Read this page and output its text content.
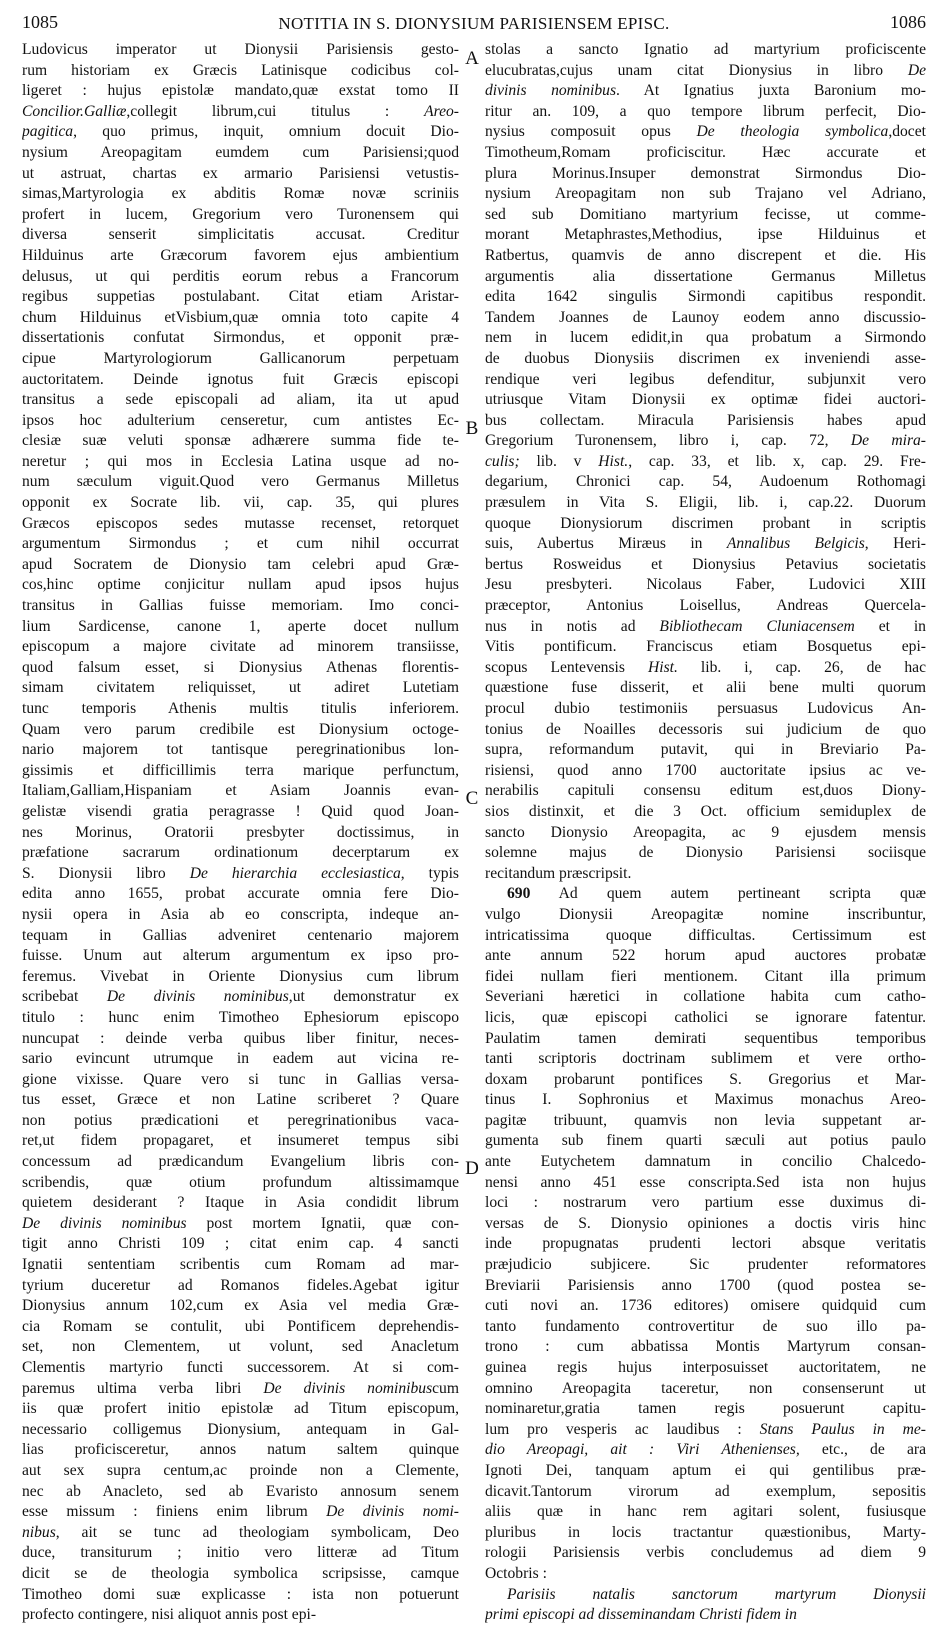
1085	NOTITIA IN S. DIONYSIUM PARISIENSEM EPISC.	1086
Ludovicus imperator ut Dionysii Parisiensis gesto-
rum historiam ex Græcis Latinisque codicibus col-
ligeret : hujus epistolæ mandato,quæ exstat tomo II
Concilior.Galliæ,collegit librum,cui titulus : Areo-
pagitica, quo primus, inquit, omnium docuit Dio-
nysium Areopagitam eumdem cum Parisiensi;quod
ut astruat, chartas ex armario Parisiensi vetustis-
simas,Martyrologia ex abditis Romæ novæ scriniis
profert in lucem, Gregorium vero Turonensem qui
diversa senserit simplicitatis accusat. Creditur
Hilduinus arte Græcorum favorem ejus ambientium
delusus, ut qui perditis eorum rebus a Francorum
regibus suppetias postulabant. Citat etiam Aristar-
chum Hilduinus etVisbium,quæ omnia toto capite 4
dissertationis confutat Sirmondus, et opponit præ-
cipue Martyrologiorum Gallicanorum perpetuam
auctoritatem. Deinde ignotus fuit Græcis episcopi
transitus a sede episcopali ad aliam, ita ut apud
ipsos hoc adulterium censeretur, cum antistes Ec-
clesiæ suæ veluti sponsæ adhærere summa fide te-
neretur ; qui mos in Ecclesia Latina usque ad no-
num sæculum viguit.Quod vero Germanus Milletus
opponit ex Socrate lib. vii, cap. 35, qui plures
Græcos episcopos sedes mutasse recenset, retorquet
argumentum Sirmondus ; et cum nihil occurrat
apud Socratem de Dionysio tam celebri apud Græ-
cos,hinc optime conjicitur nullam apud ipsos hujus
transitus in Gallias fuisse memoriam. Imo conci-
lium Sardicense, canone 1, aperte docet nullum
episcopum a majore civitate ad minorem transiisse,
quod falsum esset, si Dionysius Athenas florentis-
simam civitatem reliquisset, ut adiret Lutetiam
tunc temporis Athenis multis titulis inferiorem.
Quam vero parum credibile est Dionysium octoge-
nario majorem tot tantisque peregrinationibus lon-
gissimis et difficillimis terra marique perfunctum,
Italiam,Galliam,Hispaniam et Asiam Joannis evan-
gelistæ visendi gratia peragrasse ! Quid quod Joan-
nes Morinus, Oratorii presbyter doctissimus, in
præfatione sacrarum ordinationum decerptarum ex
S. Dionysii libro De hierarchia ecclesiastica, typis
edita anno 1655, probat accurate omnia fere Dio-
nysii opera in Asia ab eo conscripta, indeque an-
tequam in Gallias adveniret centenario majorem
fuisse. Unum aut alterum argumentum ex ipso pro-
feremus. Vivebat in Oriente Dionysius cum librum
scribebat De divinis nominibus,ut demonstratur ex
titulo : hunc enim Timotheo Ephesiorum episcopo
nuncupat : deinde verba quibus liber finitur, neces-
sario evincunt utrumque in eadem aut vicina re-
gione vixisse. Quare vero si tunc in Gallias versa-
tus esset, Græce et non Latine scriberet ? Quare
non potius prædicationi et peregrinationibus vaca-
ret,ut fidem propagaret, et insumeret tempus sibi
concessum ad prædicandum Evangelium libris con-
scribendis, quæ otium profundum altissimamque
quietem desiderant ? Itaque in Asia condidit librum
De divinis nominibus post mortem Ignatii, quæ con-
tigit anno Christi 109 ; citat enim cap. 4 sancti
Ignatii sententiam scribentis cum Romam ad mar-
tyrium duceretur ad Romanos fideles.Agebat igitur
Dionysius annum 102,cum ex Asia vel media Græ-
cia Romam se contulit, ubi Pontificem deprehendis-
set, non Clementem, ut volunt, sed Anacletum
Clementis martyrio functi successorem. At si com-
paremus ultima verba libri De divinis nominibuscum
iis quæ profert initio epistolæ ad Titum episcopum,
necessario colligemus Dionysium, antequam in Gal-
lias proficisceretur, annos natum saltem quinque
aut sex supra centum,ac proinde non a Clemente,
nec ab Anacleto, sed ab Evaristo annosum senem
esse missum : finiens enim librum De divinis nomi-
nibus, ait se tunc ad theologiam symbolicam, Deo
duce, transiturum ; initio vero litteræ ad Titum
dicit se de theologia symbolica scripsisse, camque
Timotheo domi suæ explicasse : ista non potuerunt
profecto contingere, nisi aliquot annis post epi-
stolas a sancto Ignatio ad martyrium proficiscente
elucubratas,cujus unam citat Dionysius in libro De
divinis nominibus. At Ignatius juxta Baronium mo-
ritur an. 109, a quo tempore librum perfecit, Dio-
nysius composuit opus De theologia symbolica,docet
Timotheum,Romam proficiscitur. Hæc accurate et
plura Morinus.Insuper demonstrat Sirmondus Dio-
nysium Areopagitam non sub Trajano vel Adriano,
sed sub Domitiano martyrium fecisse, ut comme-
morant Metaphrastes,Methodius, ipse Hilduinus et
Ratbertus, quamvis de anno discrepent et die. His
argumentis alia dissertatione Germanus Milletus
edita 1642 singulis Sirmondi capitibus respondit.
Tandem Joannes de Launoy eodem anno discussio-
nem in lucem edidit,in qua probatum a Sirmondo
de duobus Dionysiis discrimen ex inveniendi asse-
rendique veri legibus defenditur, subjunxit vero
utriusque Vitam Dionysii ex optimæ fidei auctori-
bus collectam. Miracula Parisiensis habes apud
Gregorium Turonensem, libro i, cap. 72, De mira-
culis; lib. v Hist., cap. 33, et lib. x, cap. 29. Fre-
degarium, Chronici cap. 54, Audoenum Rothomagi
præsulem in Vita S. Eligii, lib. i, cap.22. Duorum
quoque Dionysiorum discrimen probant in scriptis
suis, Aubertus Miræus in Annalibus Belgicis, Heri-
bertus Rosweidus et Dionysius Petavius societatis
Jesu presbyteri. Nicolaus Faber, Ludovici XIII
præceptor, Antonius Loisellus, Andreas Quercela-
nus in notis ad Bibliothecam Cluniacensem et in
Vitis pontificum. Franciscus etiam Bosquetus epi-
scopus Lentevensis Hist. lib. i, cap. 26, de hac
quæstione fuse disserit, et alii bene multi quorum
procul dubio testimoniis persuasus Ludovicus An-
tonius de Noailles decessoris sui judicium de quo
supra, reformandum putavit, qui in Breviario Pa-
risiensi, quod anno 1700 auctoritate ipsius ac ve-
nerabilis capituli consensu editum est,duos Diony-
sios distinxit, et die 3 Oct. officium semiduplex de
sancto Dionysio Areopagita, ac 9 ejusdem mensis
solemne majus de Dionysio Parisiensi sociisque
recitandum præscripsit.
690 Ad quem autem pertineant scripta quæ
vulgo Dionysii Areopagitæ nomine inscribuntur,
intricatissima quoque difficultas. Certissimum est
ante annum 522 horum apud auctores probatæ
fidei nullam fieri mentionem. Citant illa primum
Severiani hæretici in collatione habita cum catho-
licis, quæ episcopi catholici se ignorare fatentur.
Paulatim tamen demirati sequentibus temporibus
tanti scriptoris doctrinam sublimem et vere ortho-
doxam probarunt pontifices S. Gregorius et Mar-
tinus I. Sophronius et Maximus monachus Areo-
pagitæ tribuunt, quamvis non levia suppetant ar-
gumenta sub finem quarti sæculi aut potius paulo
ante Eutychetem damnatum in concilio Chalcedo-
nensi anno 451 esse conscripta.Sed ista non hujus
loci : nostrarum vero partium esse duximus di-
versas de S. Dionysio opiniones a doctis viris hinc
inde propugnatas prudenti lectori absque veritatis
præjudicio subjicere. Sic prudenter reformatores
Breviarii Parisiensis anno 1700 (quod postea se-
cuti novi an. 1736 editores) omisere quidquid cum
tanto fundamento controvertitur de suo illo pa-
trono : cum abbatissa Montis Martyrum consan-
guinea regis hujus interposuisset auctoritatem, ne
omnino Areopagita taceretur, non consenserunt ut
nominaretur,gratia tamen regis posuerunt capitu-
lum pro vesperis ac laudibus : Stans Paulus in me-
dio Areopagi, ait : Viri Athenienses, etc., de ara
Ignoti Dei, tanquam aptum ei qui gentilibus præ-
dicavit.Tantorum virorum ad exemplum, sepositis
aliis quæ in hanc rem agitari solent, fusiusque
pluribus in locis tractantur quæstionibus, Marty-
rologii Parisiensis verbis concludemus ad diem 9
Octobris :
Parisiis natalis sanctorum martyrum Dionysii
primi episcopi ad disseminandam Christi fidem in
A
B
C
D
